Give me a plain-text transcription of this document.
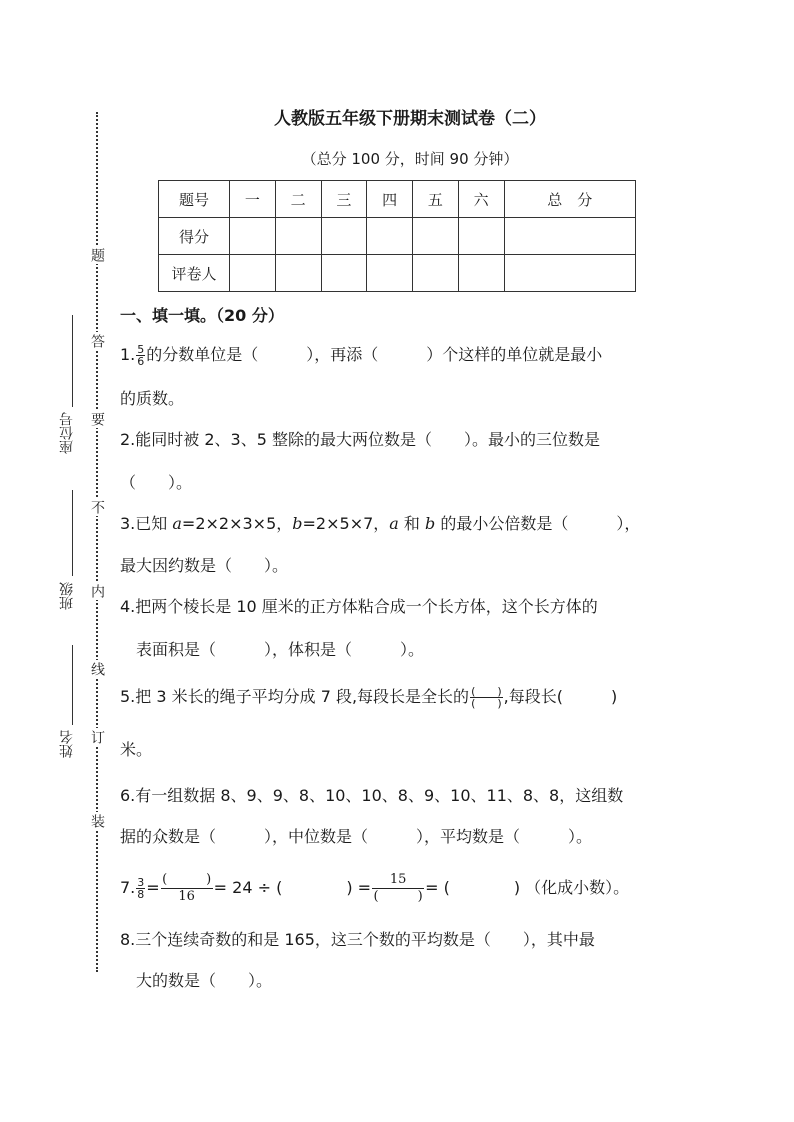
题
答
要
不
内
线
订
装
座位号
班级
姓名
人教版五年级下册期末测试卷（二）
（总分 100 分，时间 90 分钟）
题号	一	二	三	四	五	六	总　分
得分							
评卷人							
一、填一填。（20 分）
1. $\frac{5}{6}$ 的分数单位是（　　　），再添（　　　）个这样的单位就是最小
的质数。
2.能同时被 2、3、5 整除的最大两位数是（　　）。最小的三位数是
（　　）。
3.已知 a=2×2×3×5，b=2×5×7，a 和 b 的最小公倍数是（　　　），
最大因约数是（　　）。
4.把两个棱长是 10 厘米的正方体粘合成一个长方体，这个长方体的
　表面积是（　　　），体积是（　　　）。
5.把 3 米长的绳子平均分成 7 段,每段长是全长的 $\frac{( )}{( )}$ ,每段长(　　　)
米。
6.有一组数据 8、9、9、8、10、10、8、9、10、11、8、8，这组数
据的众数是（　　　），中位数是（　　　），平均数是（　　　）。
7. $\frac{3}{8} = \frac{( )}{16} = 24$ ÷ (　　　　) = $\frac{15}{( )}$ = (　　　　) （化成小数）。
8.三个连续奇数的和是 165，这三个数的平均数是（　　），其中最
　大的数是（　　）。
